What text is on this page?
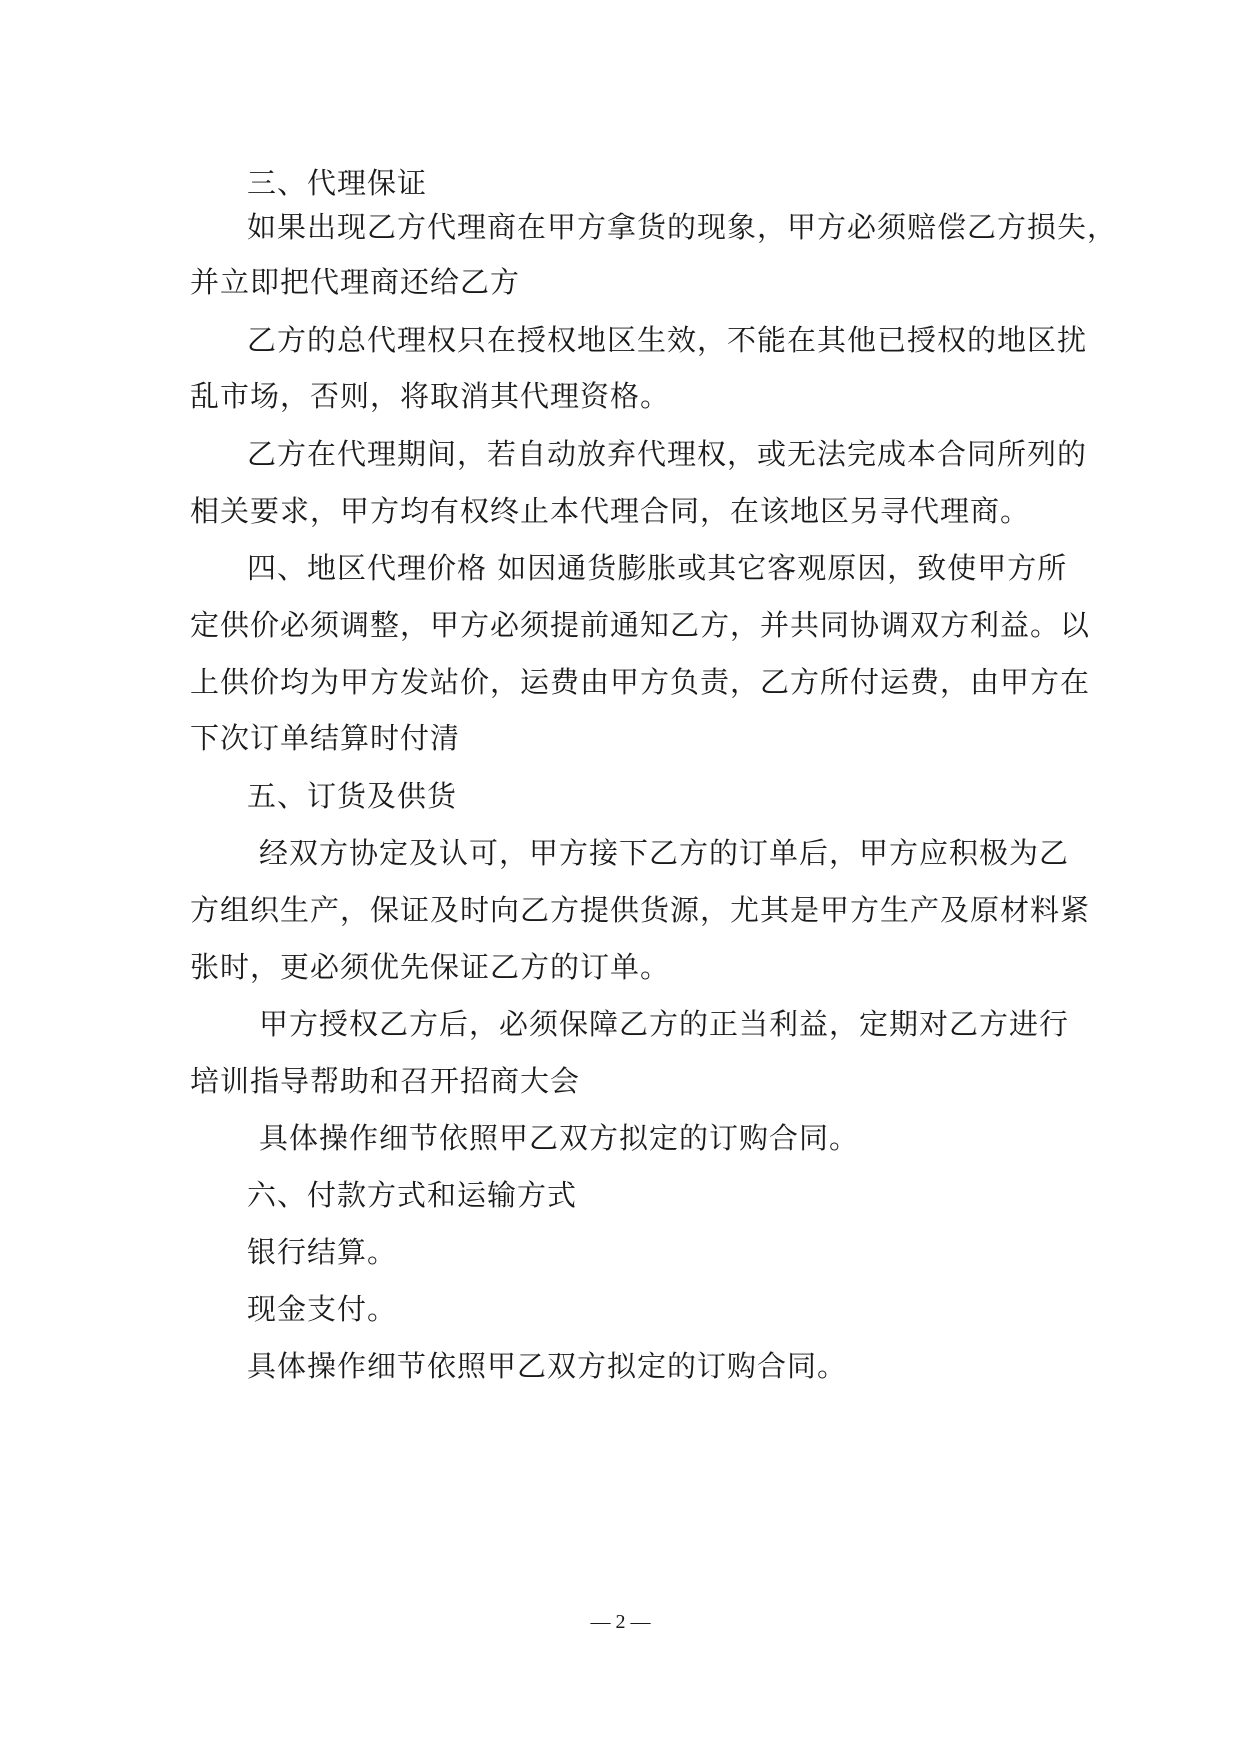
三、代理保证
如果出现乙方代理商在甲方拿货的现象，甲方必须赔偿乙方损失，
并立即把代理商还给乙方
乙方的总代理权只在授权地区生效，不能在其他已授权的地区扰
乱市场，否则，将取消其代理资格。
乙方在代理期间，若自动放弃代理权，或无法完成本合同所列的
相关要求，甲方均有权终止本代理合同，在该地区另寻代理商。
四、地区代理价格 如因通货膨胀或其它客观原因，致使甲方所
定供价必须调整，甲方必须提前通知乙方，并共同协调双方利益。以
上供价均为甲方发站价，运费由甲方负责，乙方所付运费，由甲方在
下次订单结算时付清
五、订货及供货
经双方协定及认可，甲方接下乙方的订单后，甲方应积极为乙
方组织生产，保证及时向乙方提供货源，尤其是甲方生产及原材料紧
张时，更必须优先保证乙方的订单。
甲方授权乙方后，必须保障乙方的正当利益，定期对乙方进行
培训指导帮助和召开招商大会
具体操作细节依照甲乙双方拟定的订购合同。
六、付款方式和运输方式
银行结算。
现金支付。
具体操作细节依照甲乙双方拟定的订购合同。
— 2 —
